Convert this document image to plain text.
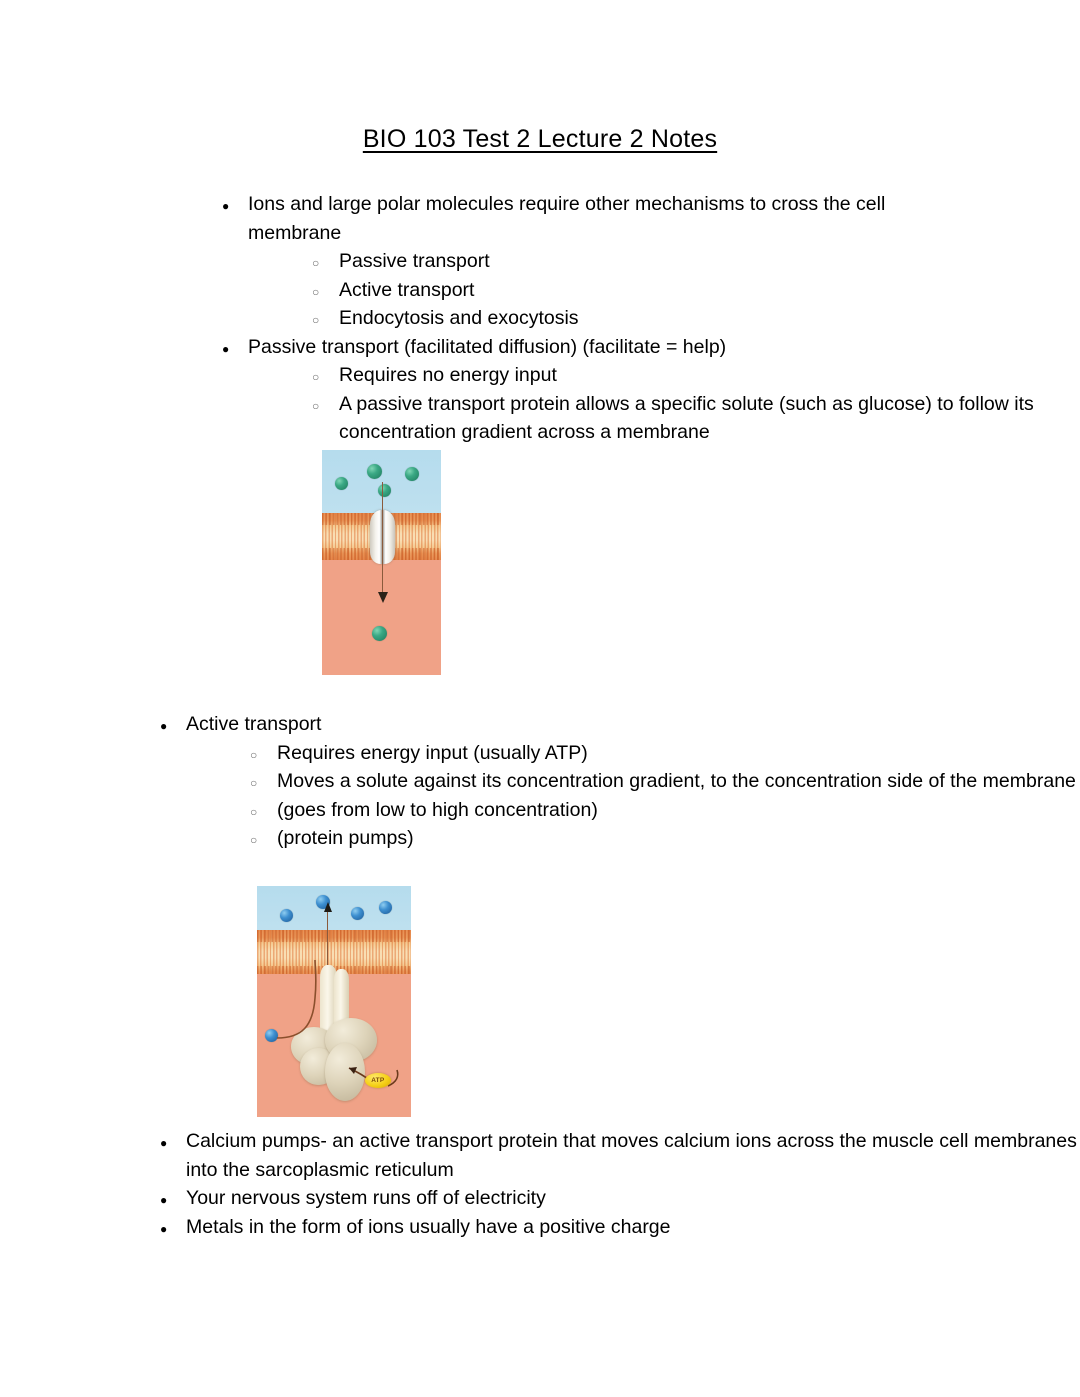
BIO 103 Test 2 Lecture 2 Notes
●
Ions and large polar molecules require other mechanisms to cross the cell membrane
○
Passive transport
○
Active transport
○
Endocytosis and exocytosis
●
Passive transport (facilitated diffusion) (facilitate = help)
○
Requires no energy input
○
A passive transport protein allows a specific solute (such as glucose) to follow its concentration gradient across a membrane
●
Active transport
○
Requires energy input (usually ATP)
○
Moves a solute against its concentration gradient, to the concentration side of the membrane
○
(goes from low to high concentration)
○
(protein pumps)
ATP
●
Calcium pumps- an active transport protein that moves calcium ions across the muscle cell membranes into the sarcoplasmic reticulum
●
Your nervous system runs off of electricity
●
Metals in the form of ions usually have a positive charge
